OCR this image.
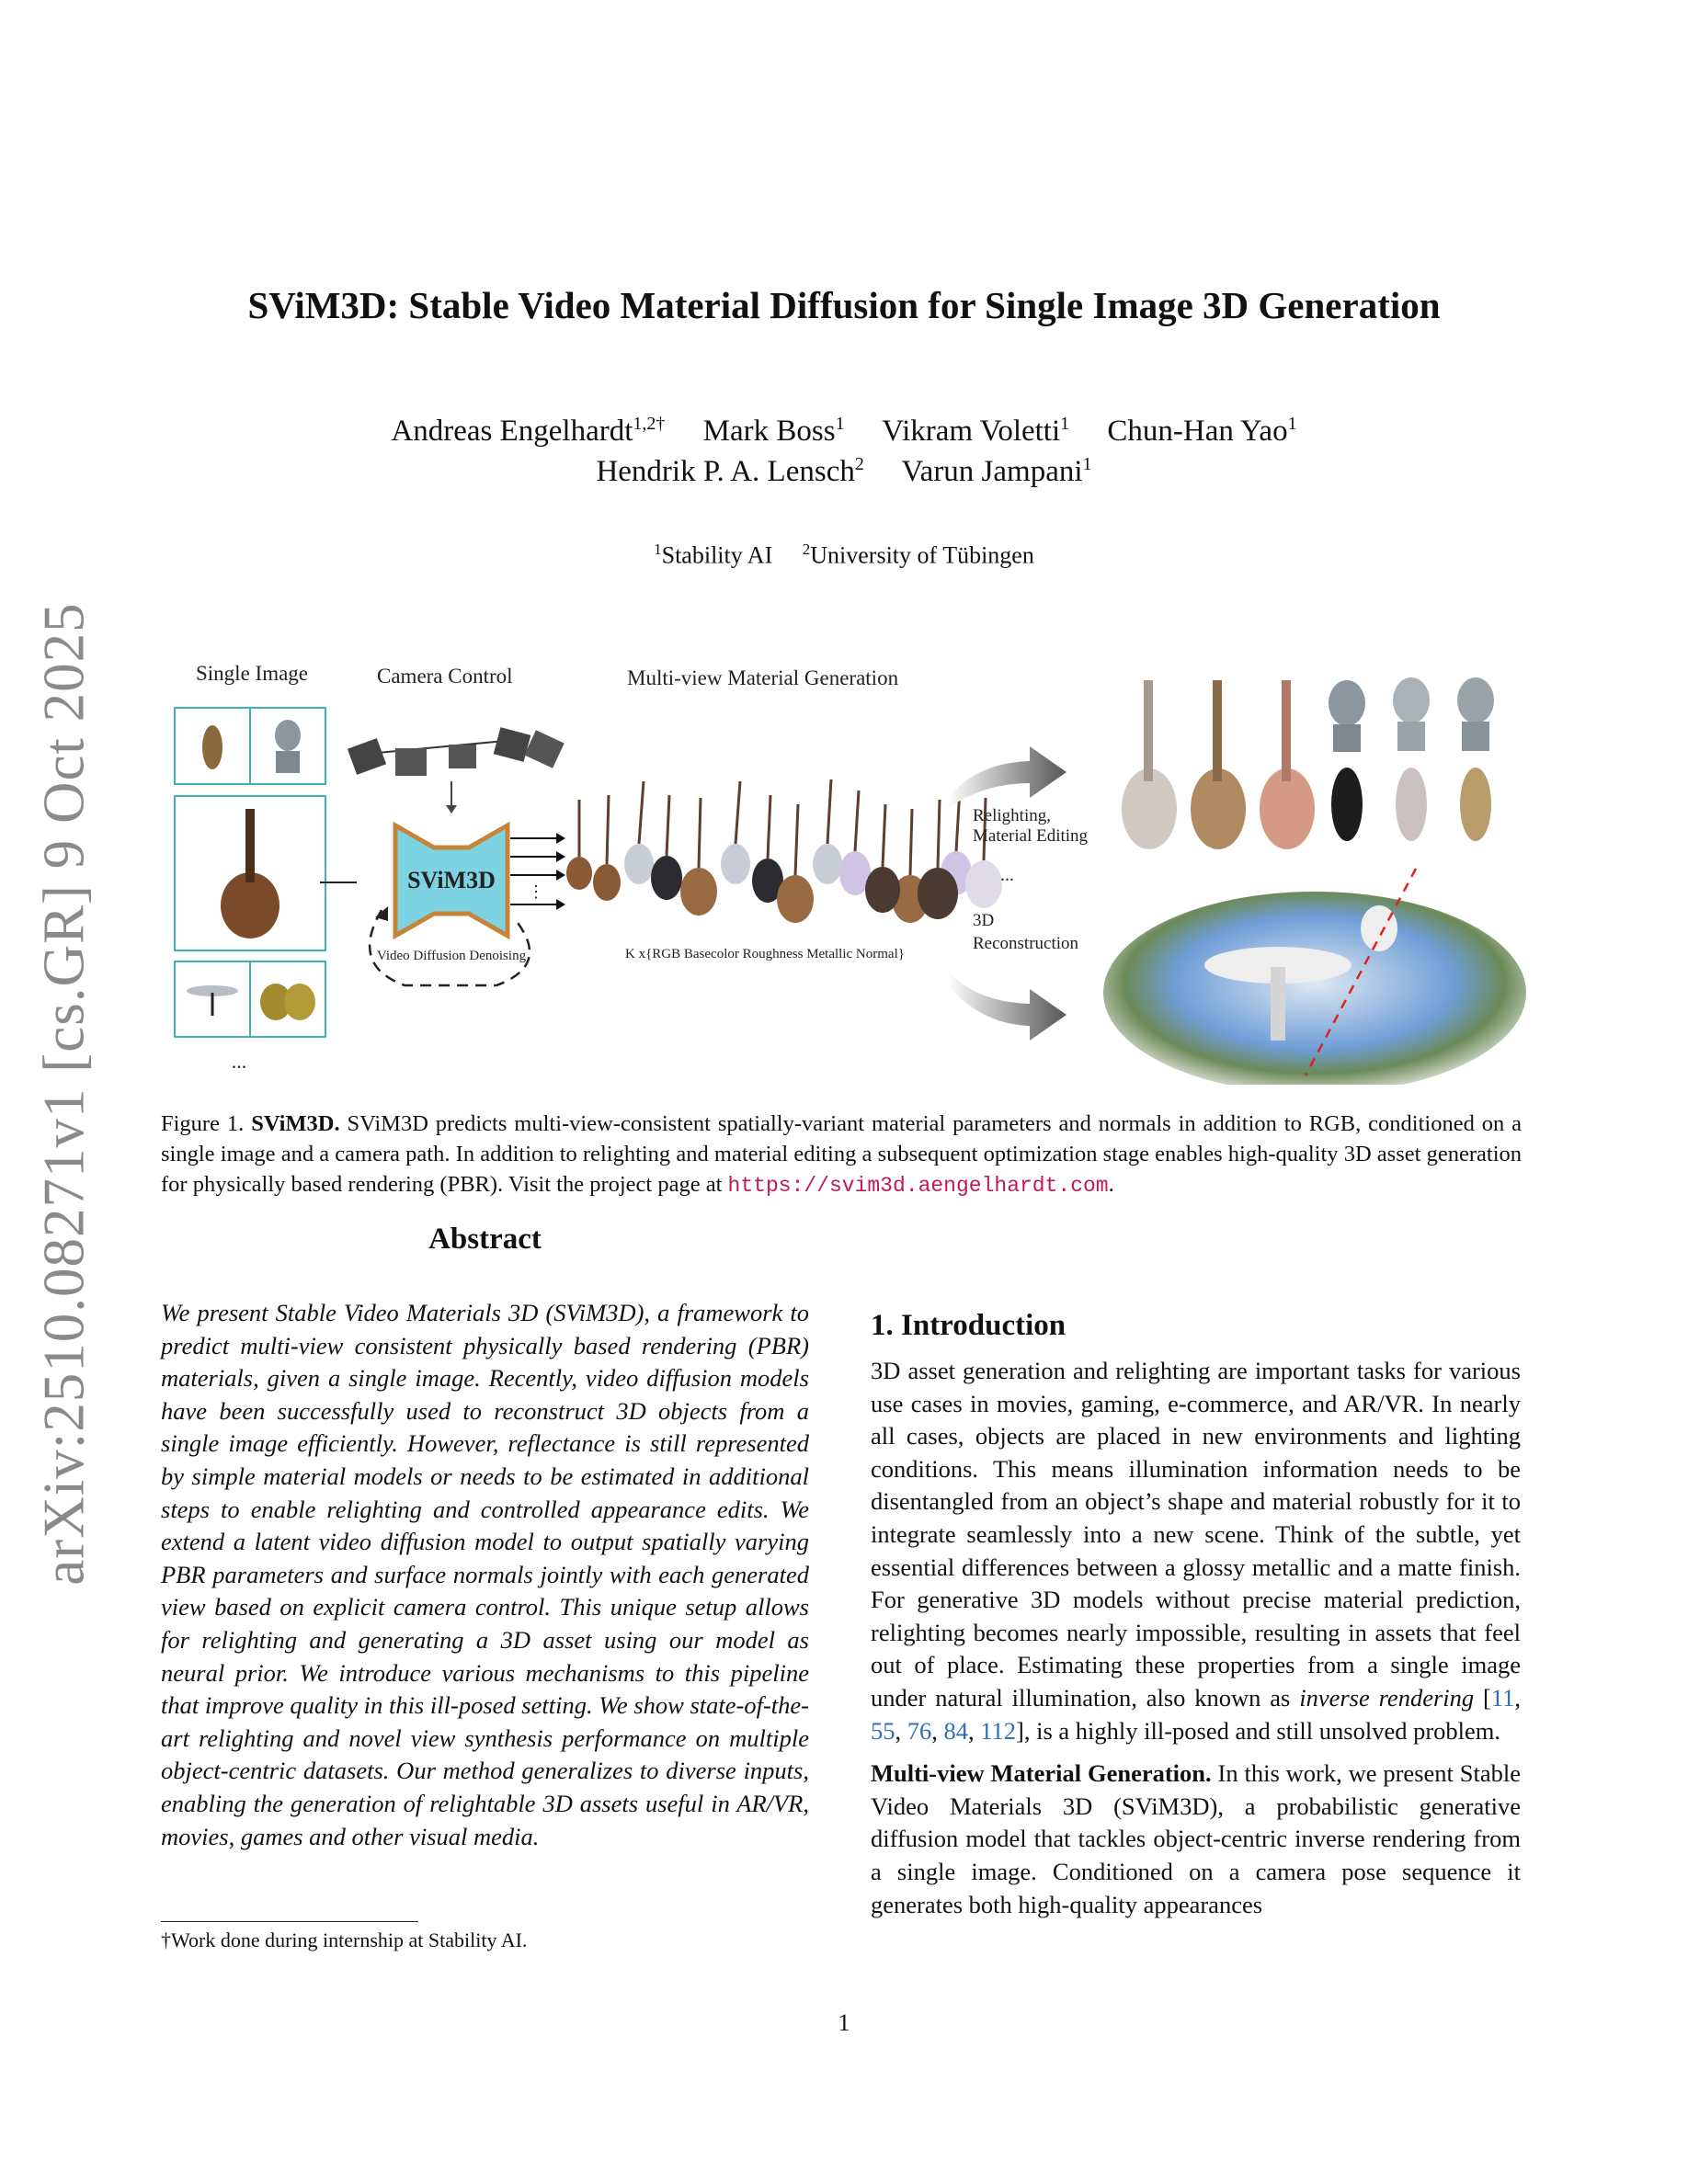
arXiv:2510.08271v1 [cs.GR] 9 Oct 2025
SViM3D: Stable Video Material Diffusion for Single Image 3D Generation
Andreas Engelhardt$^{1,2\dagger}$ Mark Boss$^1$ Vikram Voletti$^1$ Chun-Han Yao$^1$
Hendrik P. A. Lensch$^2$ Varun Jampani$^1$
$^1$Stability AI $^2$University of Tübingen
Single Image	Camera Control	Multi-view Material Generation
...
SViM3D ⋮
Video Diffusion Denoising
...
K x{RGB Basecolor Roughness Metallic Normal}
Relighting,
Material Editing
3D
Reconstruction
Figure 1. SViM3D. SViM3D predicts multi-view-consistent spatially-variant material parameters and normals in addition to RGB, conditioned on a single image and a camera path. In addition to relighting and material editing a subsequent optimization stage enables high-quality 3D asset generation for physically based rendering (PBR). Visit the project page at https://svim3d.aengelhardt.com.
Abstract
We present Stable Video Materials 3D (SViM3D), a framework to predict multi-view consistent physically based rendering (PBR) materials, given a single image. Recently, video diffusion models have been successfully used to reconstruct 3D objects from a single image efficiently. However, reflectance is still represented by simple material models or needs to be estimated in additional steps to enable relighting and controlled appearance edits. We extend a latent video diffusion model to output spatially varying PBR parameters and surface normals jointly with each generated view based on explicit camera control. This unique setup allows for relighting and generating a 3D asset using our model as neural prior. We introduce various mechanisms to this pipeline that improve quality in this ill-posed setting. We show state-of-the-art relighting and novel view synthesis performance on multiple object-centric datasets. Our method generalizes to diverse inputs, enabling the generation of relightable 3D assets useful in AR/VR, movies, games and other visual media.
1. Introduction

3D asset generation and relighting are important tasks for various use cases in movies, gaming, e-commerce, and AR/VR. In nearly all cases, objects are placed in new environments and lighting conditions. This means illumination information needs to be disentangled from an object’s shape and material robustly for it to integrate seamlessly into a new scene. Think of the subtle, yet essential differences between a glossy metallic and a matte finish. For generative 3D models without precise material prediction, relighting becomes nearly impossible, resulting in assets that feel out of place. Estimating these properties from a single image under natural illumination, also known as inverse rendering [11, 55, 76, 84, 112], is a highly ill-posed and still unsolved problem.

Multi-view Material Generation. In this work, we present Stable Video Materials 3D (SViM3D), a probabilistic generative diffusion model that tackles object-centric inverse rendering from a single image. Conditioned on a camera pose sequence it generates both high-quality appearances

†Work done during internship at Stability AI.
1
